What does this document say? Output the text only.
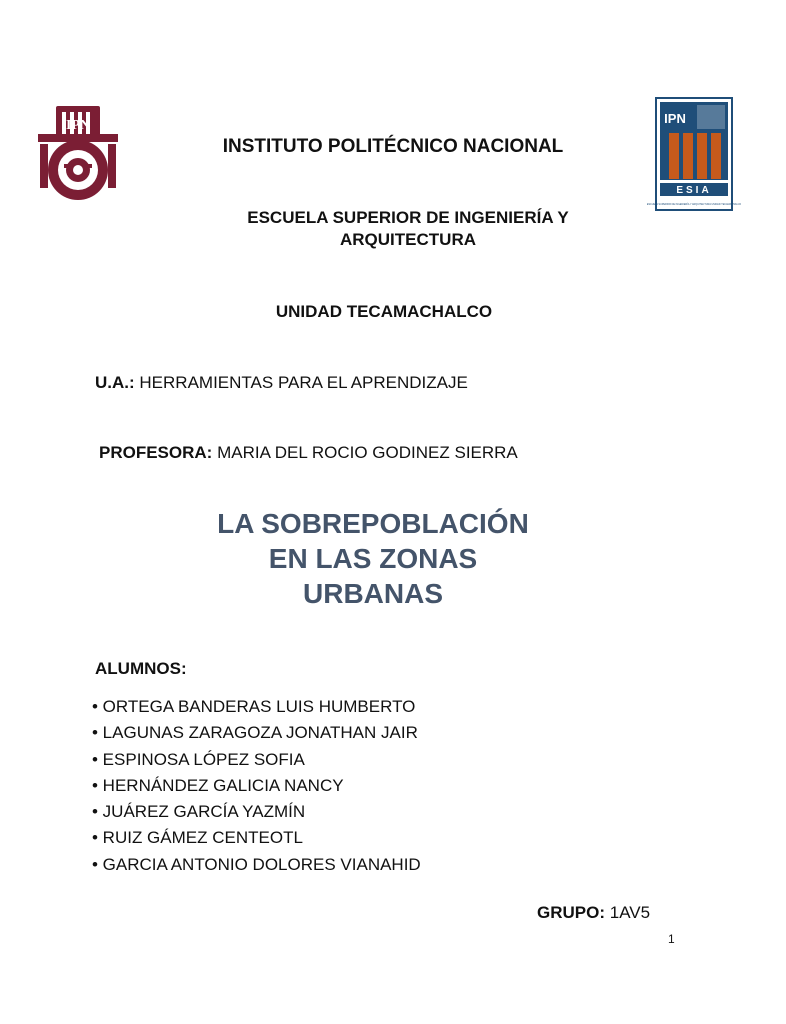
IPN	IPN
ESIA
ESCUELA SUPERIOR DE INGENIERÍA Y ARQUITECTURA UNIDAD TECAMACHALCO
INSTITUTO POLITÉCNICO NACIONAL
ESCUELA SUPERIOR DE INGENIERÍA Y
ARQUITECTURA
UNIDAD TECAMACHALCO
U.A.: HERRAMIENTAS PARA EL APRENDIZAJE
PROFESORA: MARIA DEL ROCIO GODINEZ SIERRA
LA SOBREPOBLACIÓN
EN LAS ZONAS
URBANAS
ALUMNOS:
• ORTEGA BANDERAS LUIS HUMBERTO
• LAGUNAS ZARAGOZA JONATHAN JAIR
• ESPINOSA LÓPEZ SOFIA
• HERNÁNDEZ GALICIA NANCY
• JUÁREZ GARCÍA YAZMÍN
• RUIZ GÁMEZ CENTEOTL
• GARCIA ANTONIO DOLORES VIANAHID
GRUPO: 1AV5
1
